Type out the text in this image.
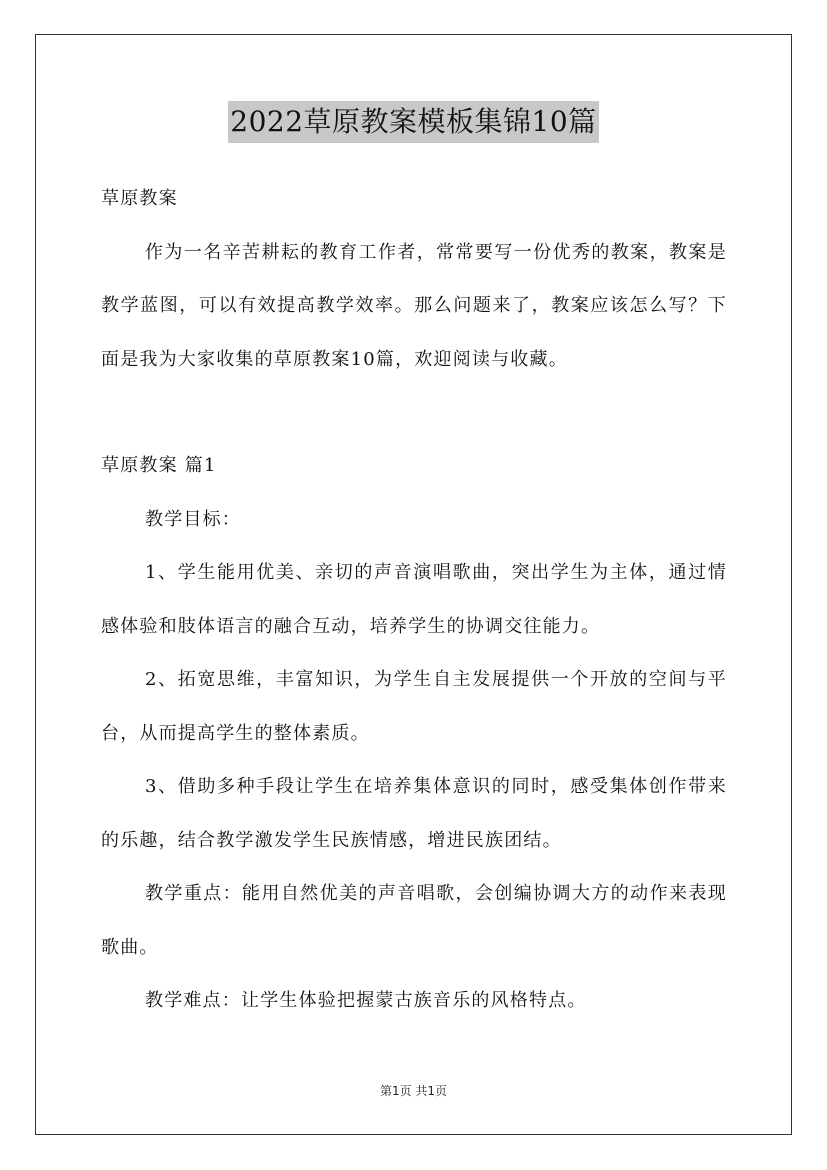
2022草原教案模板集锦10篇

草原教案

作为一名辛苦耕耘的教育工作者，常常要写一份优秀的教案，教案是教学蓝图，可以有效提高教学效率。那么问题来了，教案应该怎么写？下面是我为大家收集的草原教案10篇，欢迎阅读与收藏。

草原教案 篇1

教学目标：

1、学生能用优美、亲切的声音演唱歌曲，突出学生为主体，通过情感体验和肢体语言的融合互动，培养学生的协调交往能力。

2、拓宽思维，丰富知识，为学生自主发展提供一个开放的空间与平台，从而提高学生的整体素质。

3、借助多种手段让学生在培养集体意识的同时，感受集体创作带来的乐趣，结合教学激发学生民族情感，增进民族团结。

教学重点：能用自然优美的声音唱歌，会创编协调大方的动作来表现歌曲。

教学难点：让学生体验把握蒙古族音乐的风格特点。

第1页 共1页
